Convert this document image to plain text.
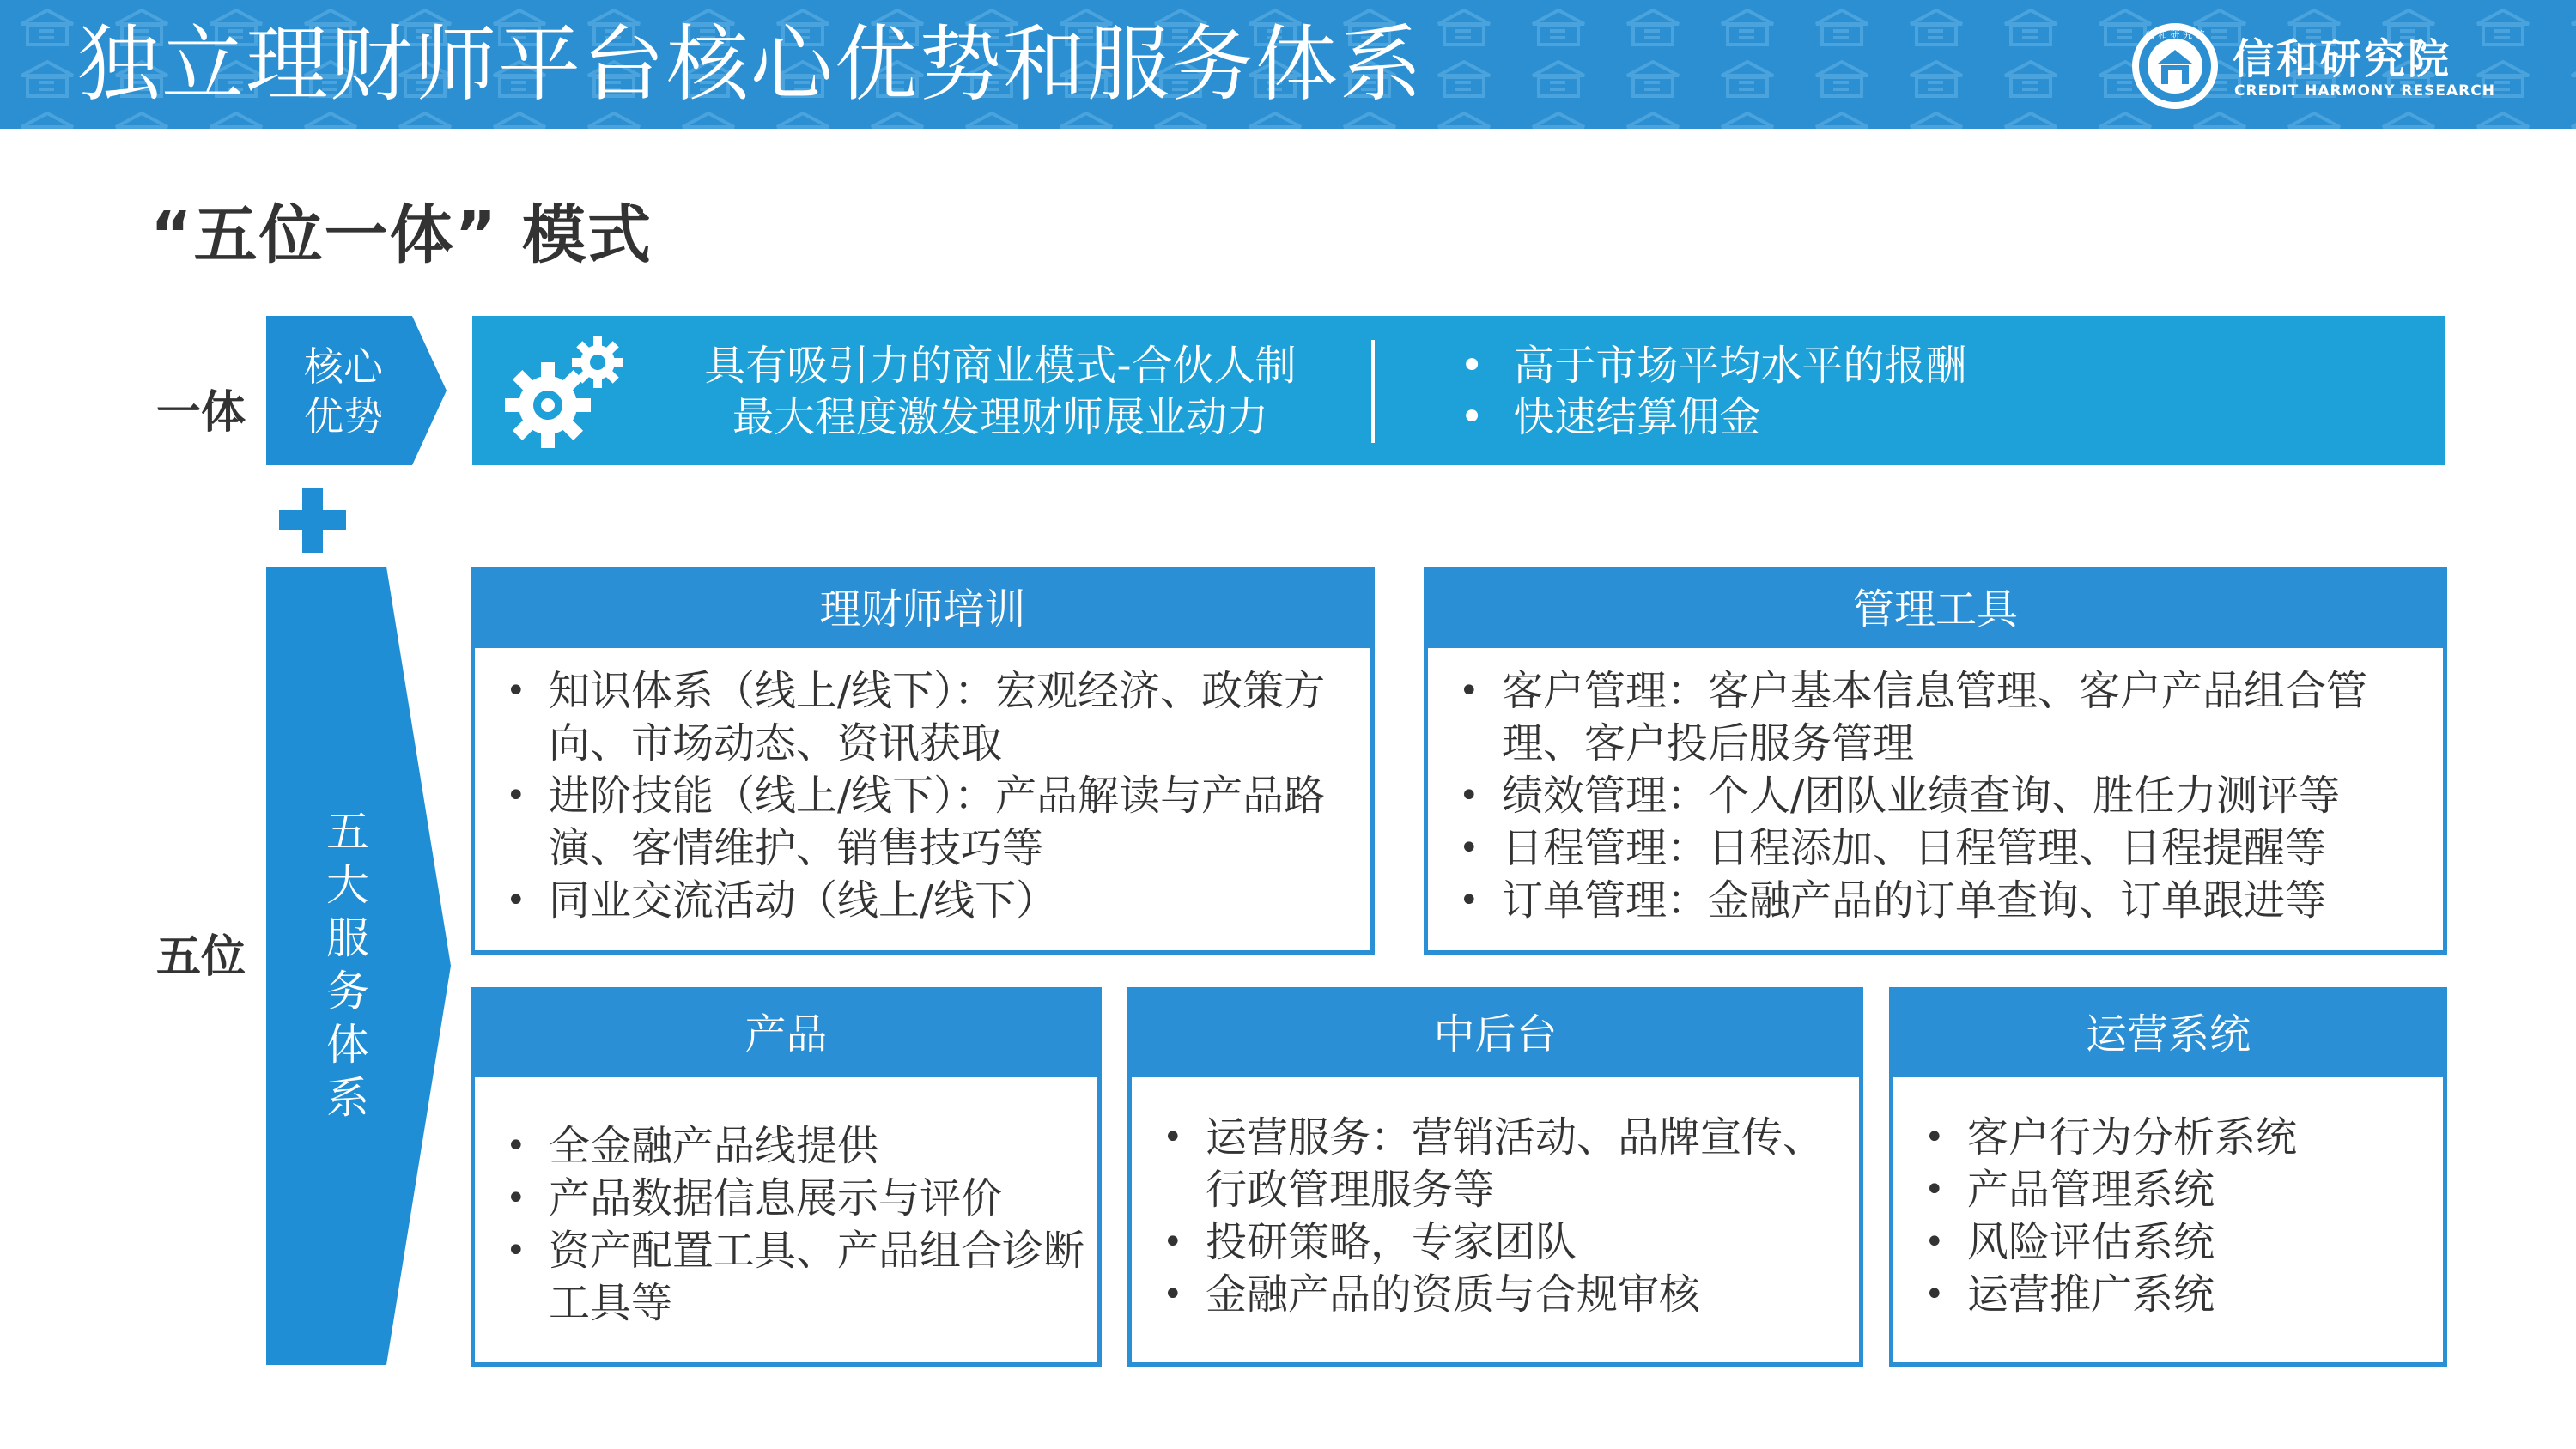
独立理财师平台核心优势和服务体系	信 和 研 究 院
信和研究院
CREDIT HARMONY RESEARCH
“五位一体” 模式
一体
五位
核心
优势
具有吸引力的商业模式-合伙人制
最大程度激发理财师展业动力
• 高于市场平均水平的报酬
• 快速结算佣金
五
大
服
务
体
系
理财师培训
• 知识体系（线上/线下）：宏观经济、政策方向、市场动态、资讯获取
• 进阶技能（线上/线下）：产品解读与产品路演、客情维护、销售技巧等
• 同业交流活动（线上/线下）
管理工具
• 客户管理：客户基本信息管理、客户产品组合管理、客户投后服务管理
• 绩效管理：个人/团队业绩查询、胜任力测评等
• 日程管理：日程添加、日程管理、日程提醒等
• 订单管理：金融产品的订单查询、订单跟进等
产品
• 全金融产品线提供
• 产品数据信息展示与评价
• 资产配置工具、产品组合诊断工具等
中后台
• 运营服务：营销活动、品牌宣传、行政管理服务等
• 投研策略，专家团队
• 金融产品的资质与合规审核
运营系统
• 客户行为分析系统
• 产品管理系统
• 风险评估系统
• 运营推广系统
